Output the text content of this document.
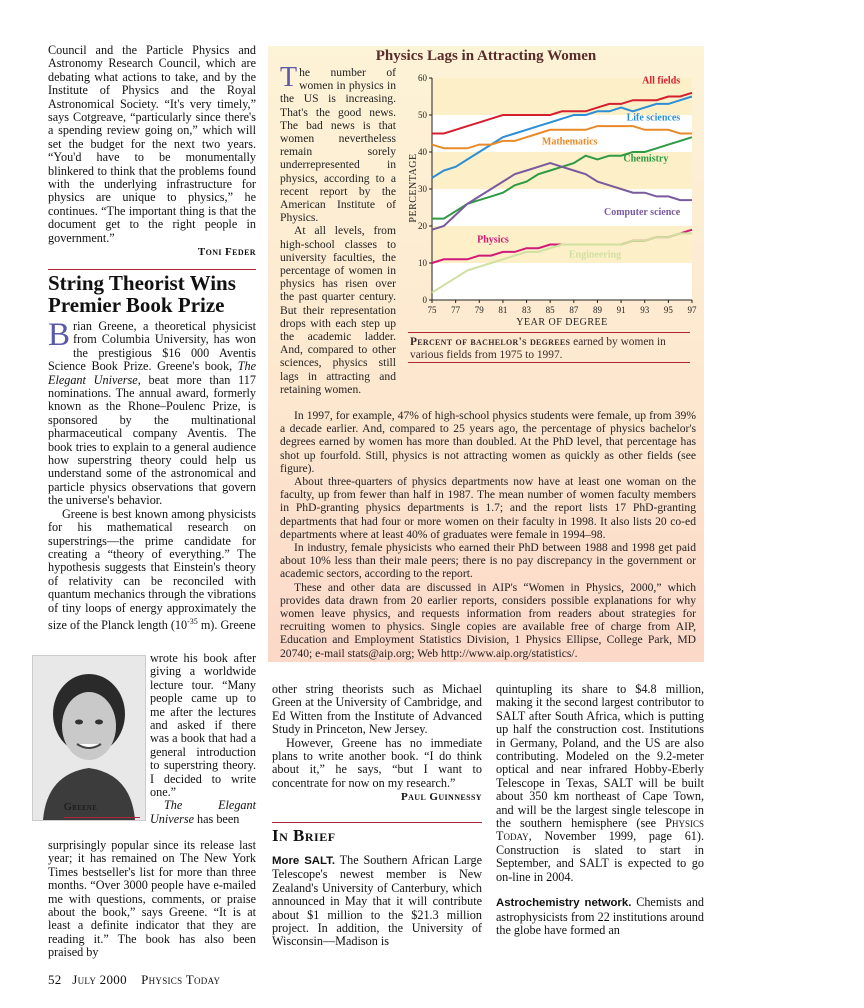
Council and the Particle Physics and Astronomy Research Council, which are debating what actions to take, and by the Institute of Physics and the Royal Astronomical Society. “It's very timely,” says Cotgreave, “particularly since there's a spending review going on,” which will set the budget for the next two years. “You'd have to be monumentally blinkered to think that the problems found with the underlying infrastructure for physics are unique to physics,” he continues. “The important thing is that the document get to the right people in government.”

Toni Feder
String Theorist Wins Premier Book Prize

Brian Greene, a theoretical physicist from Columbia University, has won the prestigious $16 000 Aventis Science Book Prize. Greene's book, The Elegant Universe, beat more than 117 nominations. The annual award, formerly known as the Rhone–Poulenc Prize, is sponsored by the multinational pharmaceutical company Aventis. The book tries to explain to a general audience how superstring theory could help us understand some of the astronomical and particle physics observations that govern the universe's behavior.

Greene is best known among physicists for his mathematical research on superstrings—the prime candidate for creating a “theory of everything.” The hypothesis suggests that Einstein's theory of relativity can be reconciled with quantum mechanics through the vibrations of tiny loops of energy approximately the size of the Planck length ($10^{-35}$ m). Greene

Greene

wrote his book after giving a worldwide lecture tour. “Many people came up to me after the lectures and asked if there was a book that had a general introduction to superstring theory. I decided to write one.”

The Elegant Universe has been

surprisingly popular since its release last year; it has remained on The New York Times bestseller's list for more than three months. “Over 3000 people have e-mailed me with questions, comments, or praise about the book,” says Greene. “It is at least a definite indicator that they are reading it.” The book has also been praised by

Physics Lags in Attracting Women

The number of women in physics in the US is increasing. That's the good news. The bad news is that women nevertheless remain sorely underrepresented in physics, according to a recent report by the American Institute of Physics.

At all levels, from high-school classes to university faculties, the percentage of women in physics has risen over the past quarter century. But their representation drops with each step up the academic ladder. And, compared to other sciences, physics still lags in attracting and retaining women.

PERCENTAGE
YEAR OF DEGREE
0
10
20
30
40
50
60
75 77 79 81 83 85 87 89 91 93 95 97
All fields
Life sciences
Mathematics
Chemistry
Computer science
Physics
Engineering
Percent of bachelor's degrees earned by women in various fields from 1975 to 1997.

In 1997, for example, 47% of high-school physics students were female, up from 39% a decade earlier. And, compared to 25 years ago, the percentage of physics bachelor's degrees earned by women has more than doubled. At the PhD level, that percentage has shot up fourfold. Still, physics is not attracting women as quickly as other fields (see figure).

About three-quarters of physics departments now have at least one woman on the faculty, up from fewer than half in 1987. The mean number of women faculty members in PhD-granting physics departments is 1.7; and the report lists 17 PhD-granting departments that had four or more women on their faculty in 1998. It also lists 20 co-ed departments where at least 40% of graduates were female in 1994–98.

In industry, female physicists who earned their PhD between 1988 and 1998 get paid about 10% less than their male peers; there is no pay discrepancy in the government or academic sectors, according to the report.

These and other data are discussed in AIP's “Women in Physics, 2000,” which provides data drawn from 20 earlier reports, considers possible explanations for why women leave physics, and requests information from readers about strategies for recruiting women to physics. Single copies are available free of charge from AIP, Education and Employment Statistics Division, 1 Physics Ellipse, College Park, MD 20740; e-mail stats@aip.org; Web http://www.aip.org/statistics/.

other string theorists such as Michael Green at the University of Cambridge, and Ed Witten from the Institute of Advanced Study in Princeton, New Jersey.

However, Greene has no immediate plans to write another book. “I do think about it,” he says, “but I want to concentrate for now on my research.”

Paul Guinnessy
In Brief

More SALT. The Southern African Large Telescope's newest member is New Zealand's University of Canterbury, which announced in May that it will contribute about $1 million to the $21.3 million project. In addition, the University of Wisconsin—Madison is

quintupling its share to $4.8 million, making it the second largest contributor to SALT after South Africa, which is putting up half the construction cost. Institutions in Germany, Poland, and the US are also contributing. Modeled on the 9.2-meter optical and near infrared Hobby-Eberly Telescope in Texas, SALT will be built about 350 km northeast of Cape Town, and will be the largest single telescope in the southern hemisphere (see Physics Today, November 1999, page 61). Construction is slated to start in September, and SALT is expected to go on-line in 2004.

Astrochemistry network. Chemists and astrophysicists from 22 institutions around the globe have formed an

52 July 2000 Physics Today
